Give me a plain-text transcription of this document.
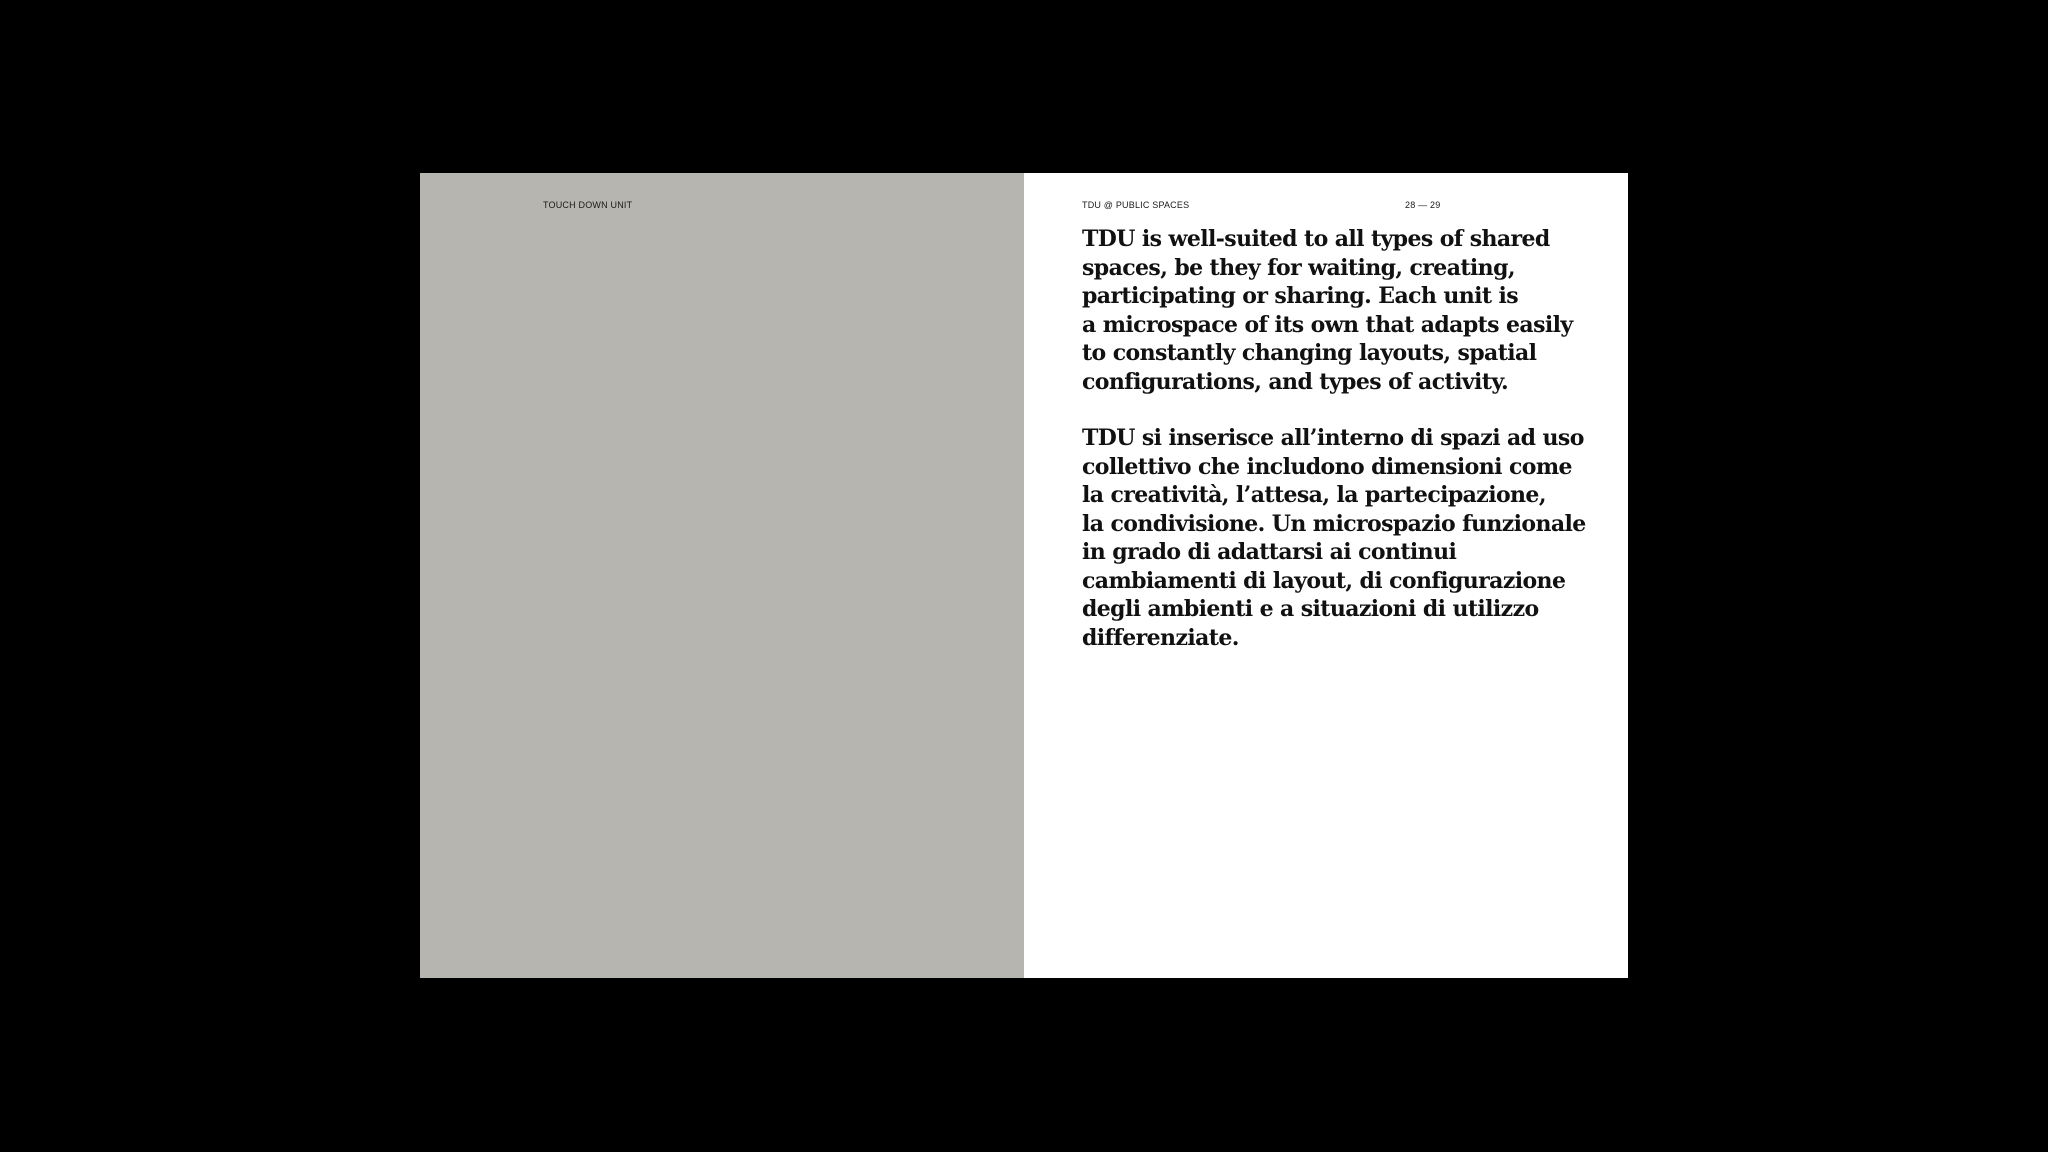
TOUCH DOWN UNIT	TDU @ PUBLIC SPACES	28 — 29

TDU is well-suited to all types of shared
spaces, be they for waiting, creating,
participating or sharing. Each unit is
a microspace of its own that adapts easily
to constantly changing layouts, spatial
configurations, and types of activity.

TDU si inserisce all’interno di spazi ad uso
collettivo che includono dimensioni come
la creatività, l’attesa, la partecipazione,
la condivisione. Un microspazio funzionale
in grado di adattarsi ai continui
cambiamenti di layout, di configurazione
degli ambienti e a situazioni di utilizzo
differenziate.
